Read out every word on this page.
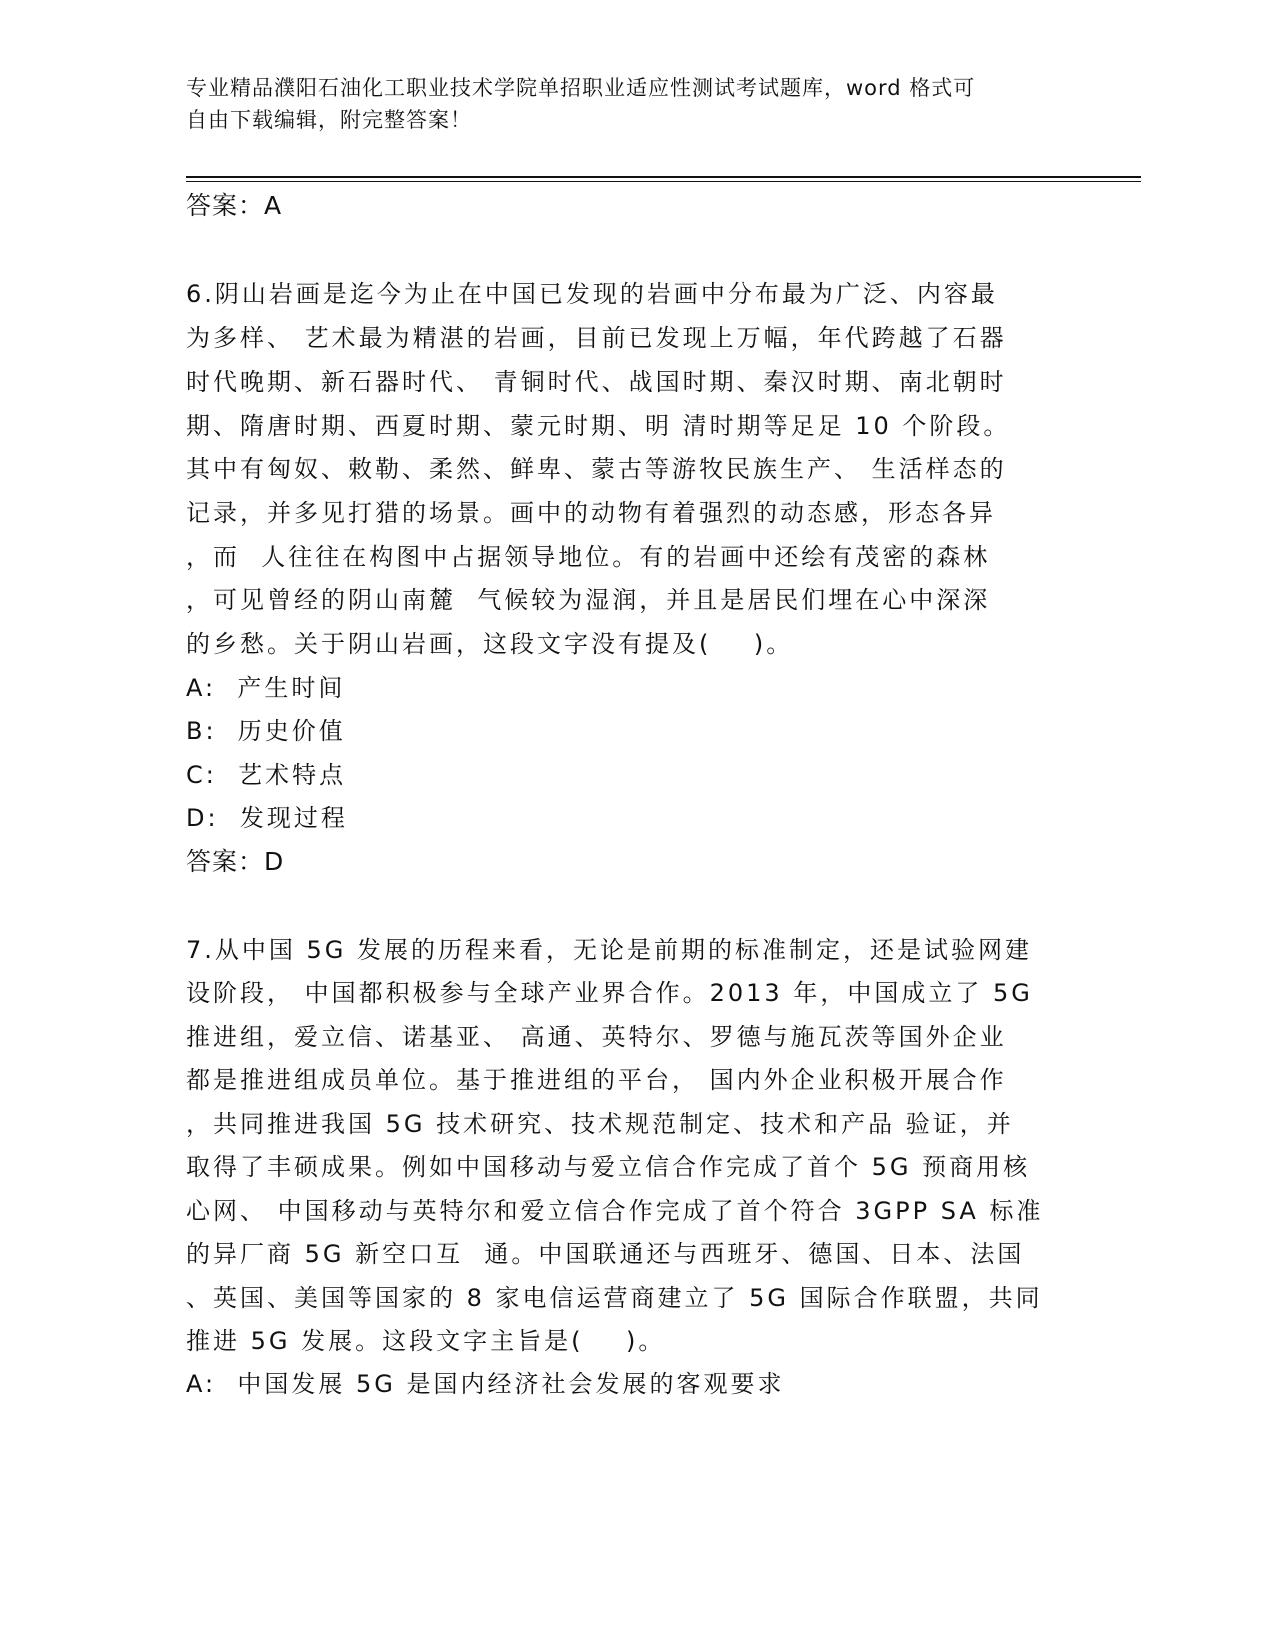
专业精品濮阳石油化工职业技术学院单招职业适应性测试考试题库，word 格式可
自由下载编辑，附完整答案！
答案：A
6.阴山岩画是迄今为止在中国已发现的岩画中分布最为广泛、内容最
为多样、 艺术最为精湛的岩画，目前已发现上万幅，年代跨越了石器
时代晚期、新石器时代、 青铜时代、战国时期、秦汉时期、南北朝时
期、隋唐时期、西夏时期、蒙元时期、明 清时期等足足 10 个阶段。
其中有匈奴、敕勒、柔然、鲜卑、蒙古等游牧民族生产、 生活样态的
记录，并多见打猎的场景。画中的动物有着强烈的动态感，形态各异
，而  人往往在构图中占据领导地位。有的岩画中还绘有茂密的森林
，可见曾经的阴山南麓  气候较为湿润，并且是居民们埋在心中深深
的乡愁。关于阴山岩画，这段文字没有提及(    )。
A:  产生时间
B:  历史价值
C:  艺术特点
D:  发现过程
答案：D
7.从中国 5G 发展的历程来看，无论是前期的标准制定，还是试验网建
设阶段， 中国都积极参与全球产业界合作。2013 年，中国成立了 5G
推进组，爱立信、诺基亚、 高通、英特尔、罗德与施瓦茨等国外企业
都是推进组成员单位。基于推进组的平台， 国内外企业积极开展合作
，共同推进我国 5G 技术研究、技术规范制定、技术和产品 验证，并
取得了丰硕成果。例如中国移动与爱立信合作完成了首个 5G 预商用核
心网、 中国移动与英特尔和爱立信合作完成了首个符合 3GPP SA 标准
的异厂商 5G 新空口互  通。中国联通还与西班牙、德国、日本、法国
、英国、美国等国家的 8 家电信运营商建立了 5G 国际合作联盟，共同
推进 5G 发展。这段文字主旨是(    )。
A:  中国发展 5G 是国内经济社会发展的客观要求
